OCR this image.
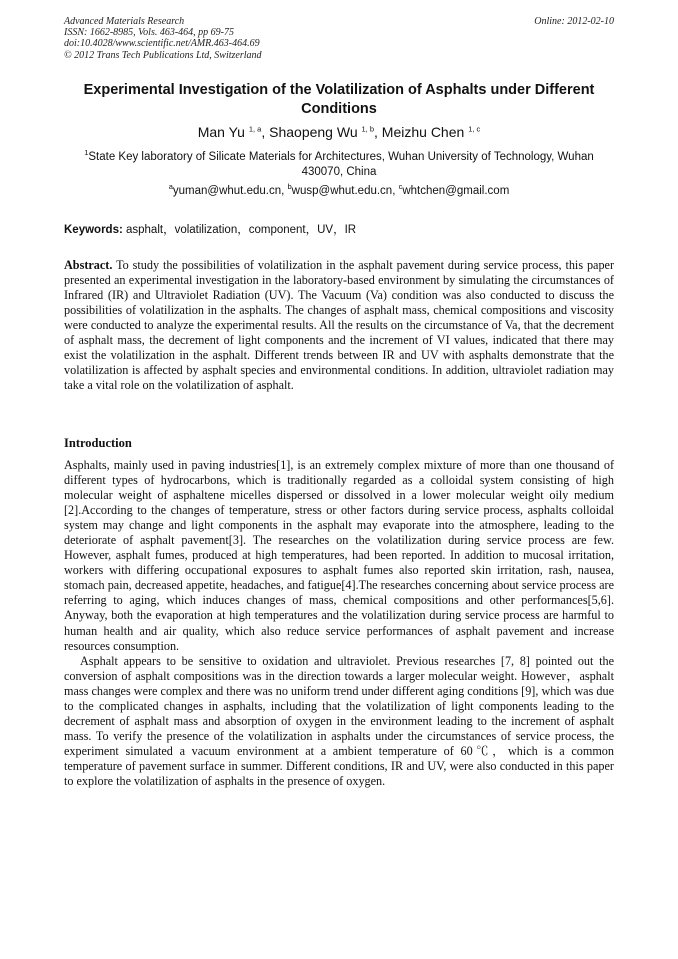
Advanced Materials Research
ISSN: 1662-8985, Vols. 463-464, pp 69-75
doi:10.4028/www.scientific.net/AMR.463-464.69
© 2012 Trans Tech Publications Ltd, Switzerland
Online: 2012-02-10
Experimental Investigation of the Volatilization of Asphalts under Different Conditions
Man Yu $^{1, a}$, Shaopeng Wu $^{1, b}$, Meizhu Chen $^{1, c}$
$^1$State Key laboratory of Silicate Materials for Architectures, Wuhan University of Technology, Wuhan 430070, China
$^a$yuman@whut.edu.cn, $^b$wusp@whut.edu.cn, $^c$whtchen@gmail.com
Keywords: asphalt，volatilization，component，UV，IR
Abstract. To study the possibilities of volatilization in the asphalt pavement during service process, this paper presented an experimental investigation in the laboratory-based environment by simulating the circumstances of Infrared (IR) and Ultraviolet Radiation (UV). The Vacuum (Va) condition was also conducted to discuss the possibilities of volatilization in the asphalts. The changes of asphalt mass, chemical compositions and viscosity were conducted to analyze the experimental results. All the results on the circumstance of Va, that the decrement of asphalt mass, the decrement of light components and the increment of VI values, indicated that there may exist the volatilization in the asphalt. Different trends between IR and UV with asphalts demonstrate that the volatilization is affected by asphalt species and environmental conditions. In addition, ultraviolet radiation may take a vital role on the volatilization of asphalt.
Introduction

Asphalts, mainly used in paving industries[1], is an extremely complex mixture of more than one thousand of different types of hydrocarbons, which is traditionally regarded as a colloidal system consisting of high molecular weight of asphaltene micelles dispersed or dissolved in a lower molecular weight oily medium [2].According to the changes of temperature, stress or other factors during service process, asphalts colloidal system may change and light components in the asphalt may evaporate into the atmosphere, leading to the deteriorate of asphalt pavement[3]. The researches on the volatilization during service process are few. However, asphalt fumes, produced at high temperatures, had been reported. In addition to mucosal irritation, workers with differing occupational exposures to asphalt fumes also reported skin irritation, rash, nausea, stomach pain, decreased appetite, headaches, and fatigue[4].The researches concerning about service process are referring to aging, which induces changes of mass, chemical compositions and other performances[5,6]. Anyway, both the evaporation at high temperatures and the volatilization during service process are harmful to human health and air quality, which also reduce service performances of asphalt pavement and increase resources consumption.

Asphalt appears to be sensitive to oxidation and ultraviolet. Previous researches [7, 8] pointed out the conversion of asphalt compositions was in the direction towards a larger molecular weight. However，asphalt mass changes were complex and there was no uniform trend under different aging conditions [9], which was due to the complicated changes in asphalts, including that the volatilization of light components leading to the decrement of asphalt mass and absorption of oxygen in the environment leading to the increment of asphalt mass. To verify the presence of the volatilization in asphalts under the circumstances of service process, the experiment simulated a vacuum environment at a ambient temperature of 60℃，which is a common temperature of pavement surface in summer. Different conditions, IR and UV, were also conducted in this paper to explore the volatilization of asphalts in the presence of oxygen.
